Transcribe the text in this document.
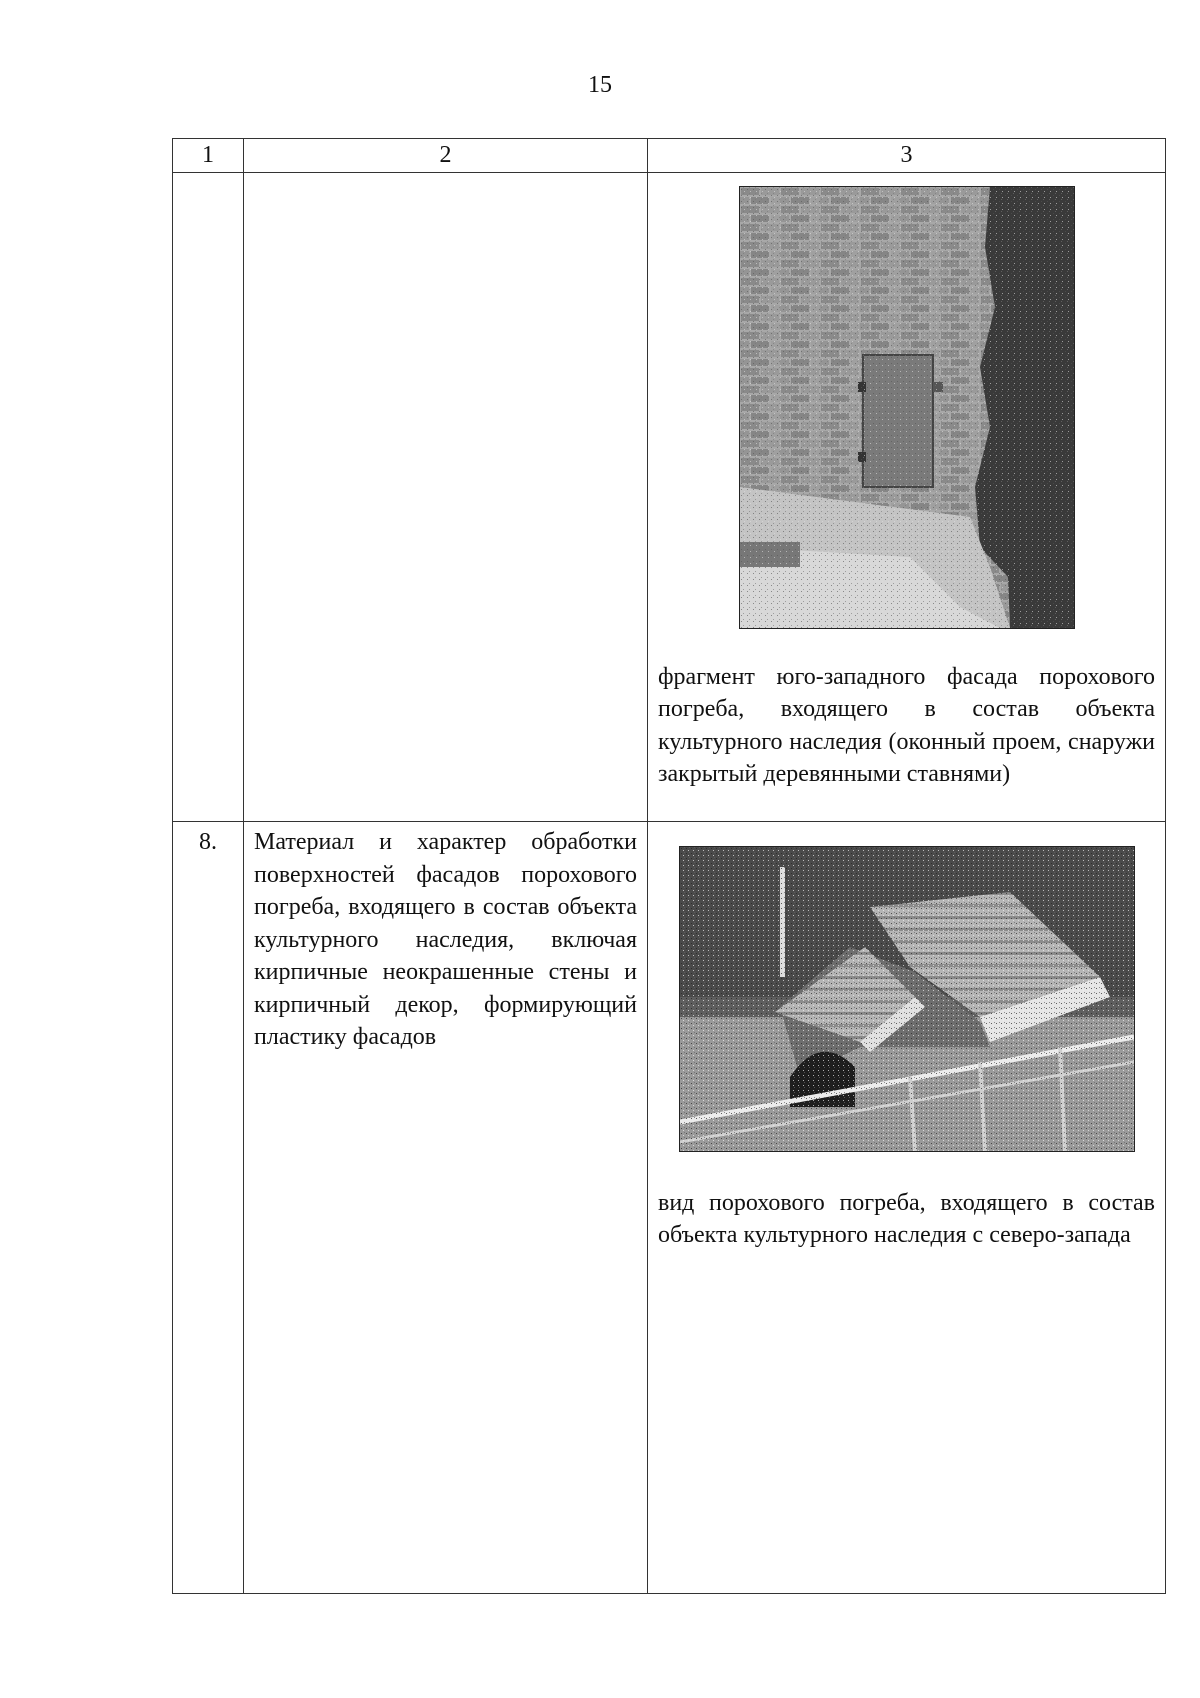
15
1	2	3

		фрагмент юго-западного фасада порохового погреба, входящего в состав объекта культурного наследия (оконный проем, снаружи закрытый деревянными ставнями)

8.	Материал и характер обработки поверхностей фасадов порохового погреба, входящего в состав объекта культурного наследия, включая кирпичные неокрашенные стены и кирпичный декор, формирующий пластику фасадов	вид порохового погреба, входящего в состав объекта культурного наследия с северо-запада
